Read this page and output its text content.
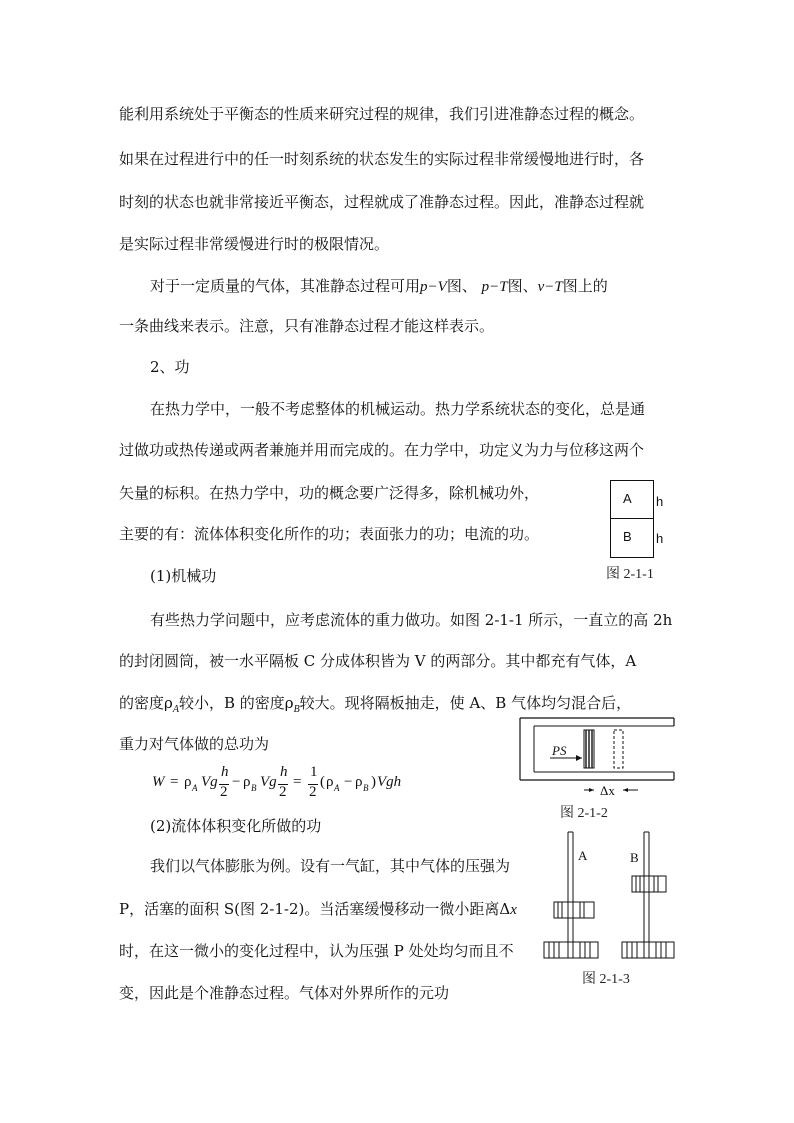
能利用系统处于平衡态的性质来研究过程的规律，我们引进准静态过程的概念。
如果在过程进行中的任一时刻系统的状态发生的实际过程非常缓慢地进行时，各
时刻的状态也就非常接近平衡态，过程就成了准静态过程。因此，准静态过程就
是实际过程非常缓慢进行时的极限情况。
对于一定质量的气体，其准静态过程可用p−V图、 p−T图、ν−T图上的
一条曲线来表示。注意，只有准静态过程才能这样表示。
2、功
在热力学中，一般不考虑整体的机械运动。热力学系统状态的变化，总是通
过做功或热传递或两者兼施并用而完成的。在力学中，功定义为力与位移这两个
矢量的标积。在热力学中，功的概念要广泛得多，除机械功外，
主要的有：流体体积变化所作的功；表面张力的功；电流的功。
(1)机械功
A
B
h
h
图 2-1-1
有些热力学问题中，应考虑流体的重力做功。如图 2-1-1 所示，一直立的高 2h
的封闭圆筒，被一水平隔板 C 分成体积皆为 V 的两部分。其中都充有气体，A
的密度$\rho_A$较小，B 的密度$\rho_B$较大。现将隔板抽走，使 A、B 气体均匀混合后，
重力对气体做的总功为
W = ρ A Vg
h
2
− ρ B Vg
h
2
=
1
2
( ρ A − ρ B ) Vgh
PS
Δx
图 2-1-2
(2)流体体积变化所做的功
我们以气体膨胀为例。设有一气缸，其中气体的压强为
P，活塞的面积 S(图 2-1-2)。当活塞缓慢移动一微小距离Δx
时，在这一微小的变化过程中，认为压强 P 处处均匀而且不
变，因此是个准静态过程。气体对外界所作的元功
A	B
图 2-1-3
